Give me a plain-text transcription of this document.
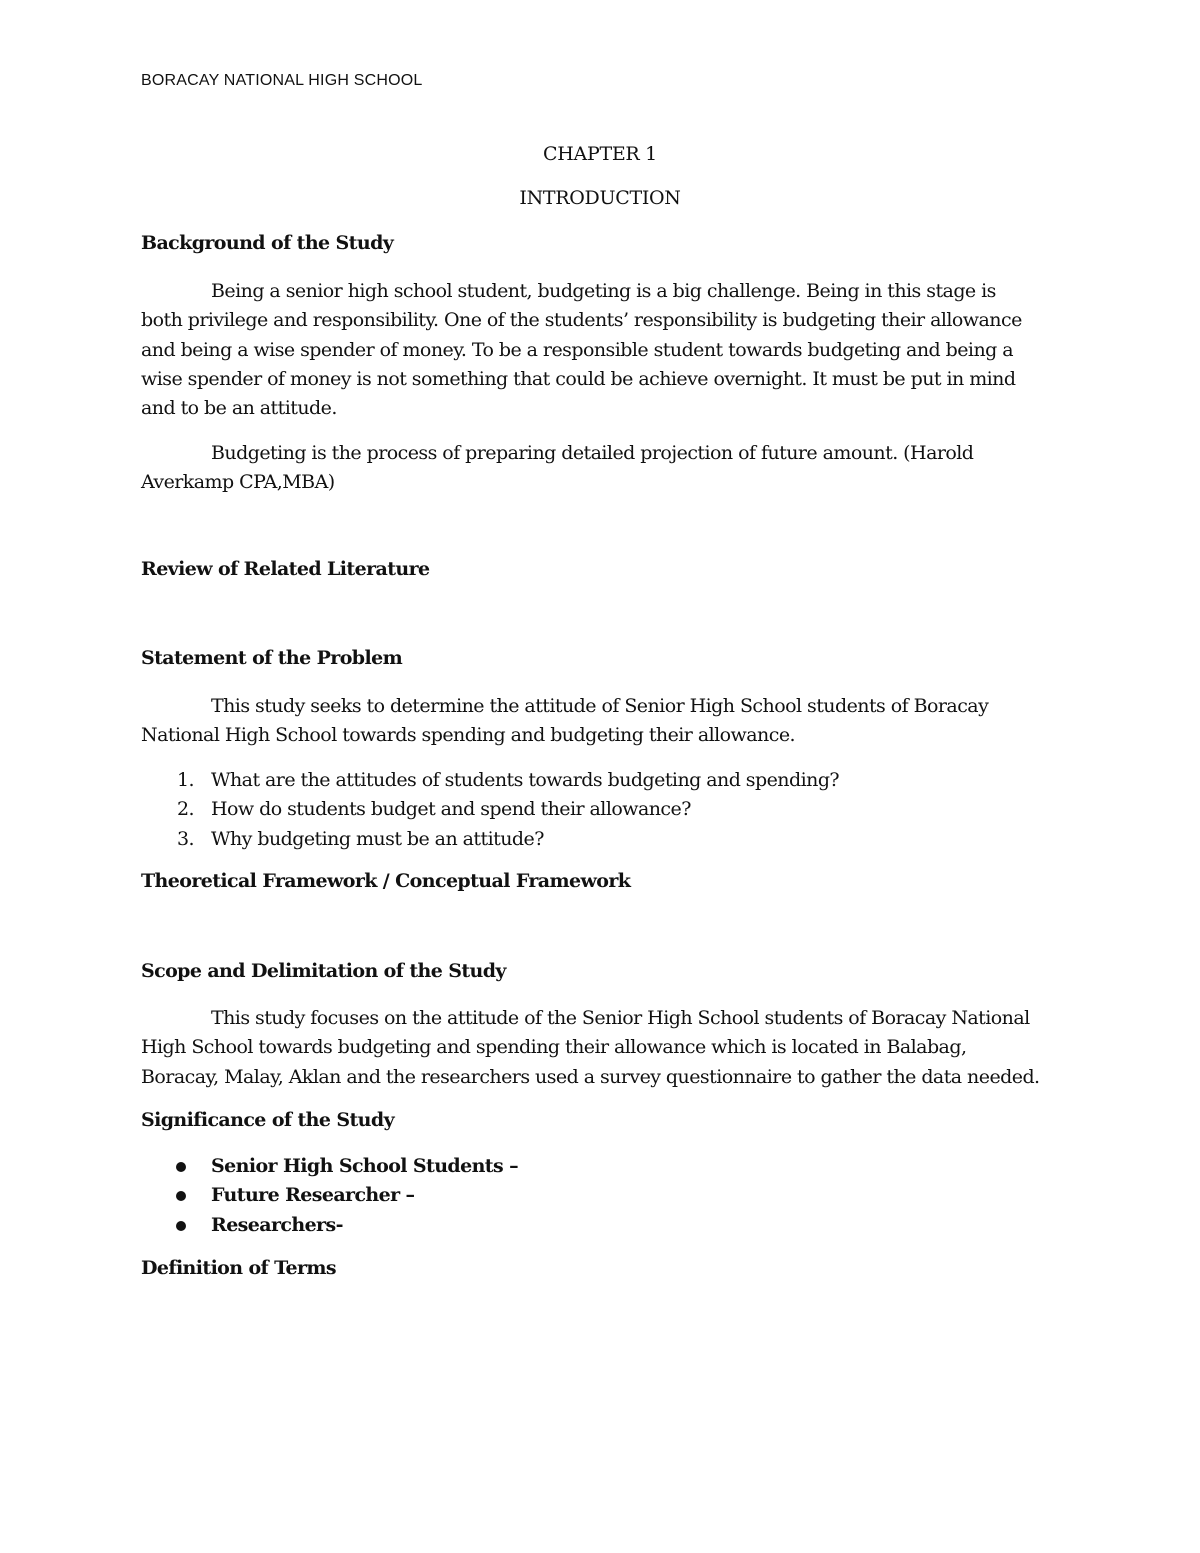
BORACAY NATIONAL HIGH SCHOOL
CHAPTER 1
INTRODUCTION
Background of the Study
Being a senior high school student, budgeting is a big challenge. Being in this stage is
both privilege and responsibility. One of the students’ responsibility is budgeting their allowance
and being a wise spender of money. To be a responsible student towards budgeting and being a
wise spender of money is not something that could be achieve overnight. It must be put in mind
and to be an attitude.
Budgeting is the process of preparing detailed projection of future amount. (Harold
Averkamp CPA,MBA)
Review of Related Literature
Statement of the Problem
This study seeks to determine the attitude of Senior High School students of Boracay
National High School towards spending and budgeting their allowance.
1. What are the attitudes of students towards budgeting and spending?
2. How do students budget and spend their allowance?
3. Why budgeting must be an attitude?
Theoretical Framework / Conceptual Framework
Scope and Delimitation of the Study
This study focuses on the attitude of the Senior High School students of Boracay National
High School towards budgeting and spending their allowance which is located in Balabag,
Boracay, Malay, Aklan and the researchers used a survey questionnaire to gather the data needed.
Significance of the Study
Senior High School Students –
Future Researcher –
Researchers-
Definition of Terms
